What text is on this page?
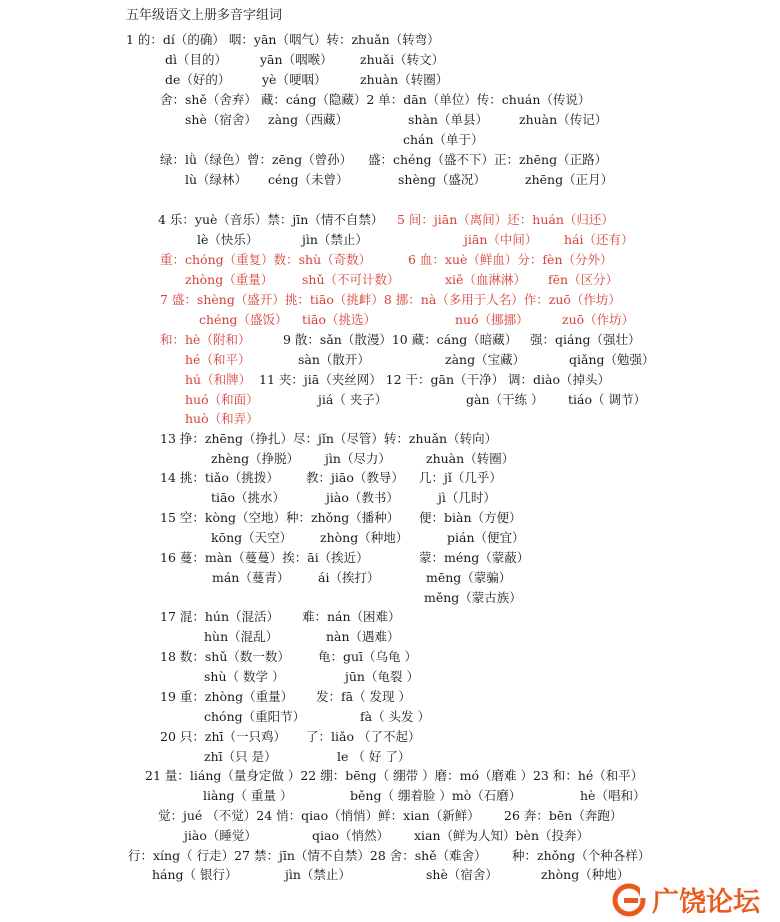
五年级语文上册多音字组词
1 的：dí（的确） 咽：yān（咽气）转：zhuǎn（转弯）
dì（目的）	yān（咽喉） zhuǎi（转文）
de（好的）	yè（哽咽）	zhuàn（转圈）
舍：shě（舍弃） 藏：cáng（隐藏）2 单：dān（单位）传：chuán（传说）
shè（宿舍） zàng（西藏）	shàn（单县） zhuàn（传记）
chán（单于）
绿：lǜ（绿色）曾：zēng（曾孙） 盛：chéng（盛不下）正：zhēng（正路）
lù（绿林） céng（未曾）	shèng（盛况）	zhēng（正月）
4 乐：yuè（音乐）禁：jīn（情不自禁） 5 间：jiān（离间）还：huán（归还）
lè（快乐）	jìn（禁止）	jiān（中间） hái（还有）
重：chóng（重复）数：shù（奇数）	6 血：xuè（鲜血）分：fèn（分外）
zhòng（重量） shǔ（不可计数）	xiě（血淋淋） fēn（区分）
7 盛：shèng（盛开）挑：tiāo（挑衅）8 挪：nà（多用于人名）作：zuō（作坊）
chéng（盛饭） tiāo（挑选）	nuó（挪挪）	zuō（作坊）
和：hè（附和）	9 散：sǎn（散漫）10 藏：cáng（暗藏） 强：qiáng（强壮）
hé（和平）	sàn（散开）	zàng（宝藏）	qiǎng（勉强）
hú（和牌） 11 夹：jiā（夹丝网） 12 干：gān（干净） 调：diào（掉头）
huó（和面）	jiá（ 夹子）	gàn（干练 ） tiáo（ 调节）
huò（和弄）
13 挣：zhēng（挣扎）尽：jǐn（尽管）转：zhuǎn（转向）
zhèng（挣脱） jìn（尽力）	zhuàn（转圈）
14 挑：tiǎo（挑拨） 教：jiāo（教导） 几：jǐ（几乎）
tiāo（挑水）	jiào（教书）	jì（几时）
15 空：kòng（空地）种：zhǒng（播种） 便：biàn（方便）
kōng（天空） zhòng（种地）	pián（便宜）
16 蔓：màn（蔓蔓）挨：āi（挨近）	蒙：méng（蒙蔽）
mán（蔓青） ái（挨打）	mēng（蒙骗）
měng（蒙古族）
17 混：hún（混活） 难：nán（困难）
hùn（混乱）	nàn（遇难）
18 数：shǔ（数一数） 龟：guī（乌龟 ）
shù（ 数学 ）	jūn（龟裂 ）
19 重：zhòng（重量） 发：fā（ 发现 ）
chóng（重阳节）	fà（ 头发 ）
20 只：zhī（一只鸡） 了：liǎo （了不起）
zhī（只 是）	le （ 好 了）
21 量：liáng（量身定做 ）22 绷：bēng（ 绷带 ）磨：mó（磨难 ）23 和：hé（和平）
liàng（ 重量 ）	běng（ 绷着脸 ）mò（石磨）	hè（唱和）
觉：jué （不觉）24 悄：qiao（悄悄）鲜：xian（新鲜） 26 奔：bēn（奔跑）
jiào（睡觉）	qiao（悄然） xian（鲜为人知）bèn（投奔）
行：xíng（ 行走）27 禁：jīn（情不自禁）28 舍：shě（难舍） 种：zhǒng（个种各样）
háng（ 银行）	jìn（禁止）	shè（宿舍）	zhòng（种地）
广饶论坛
